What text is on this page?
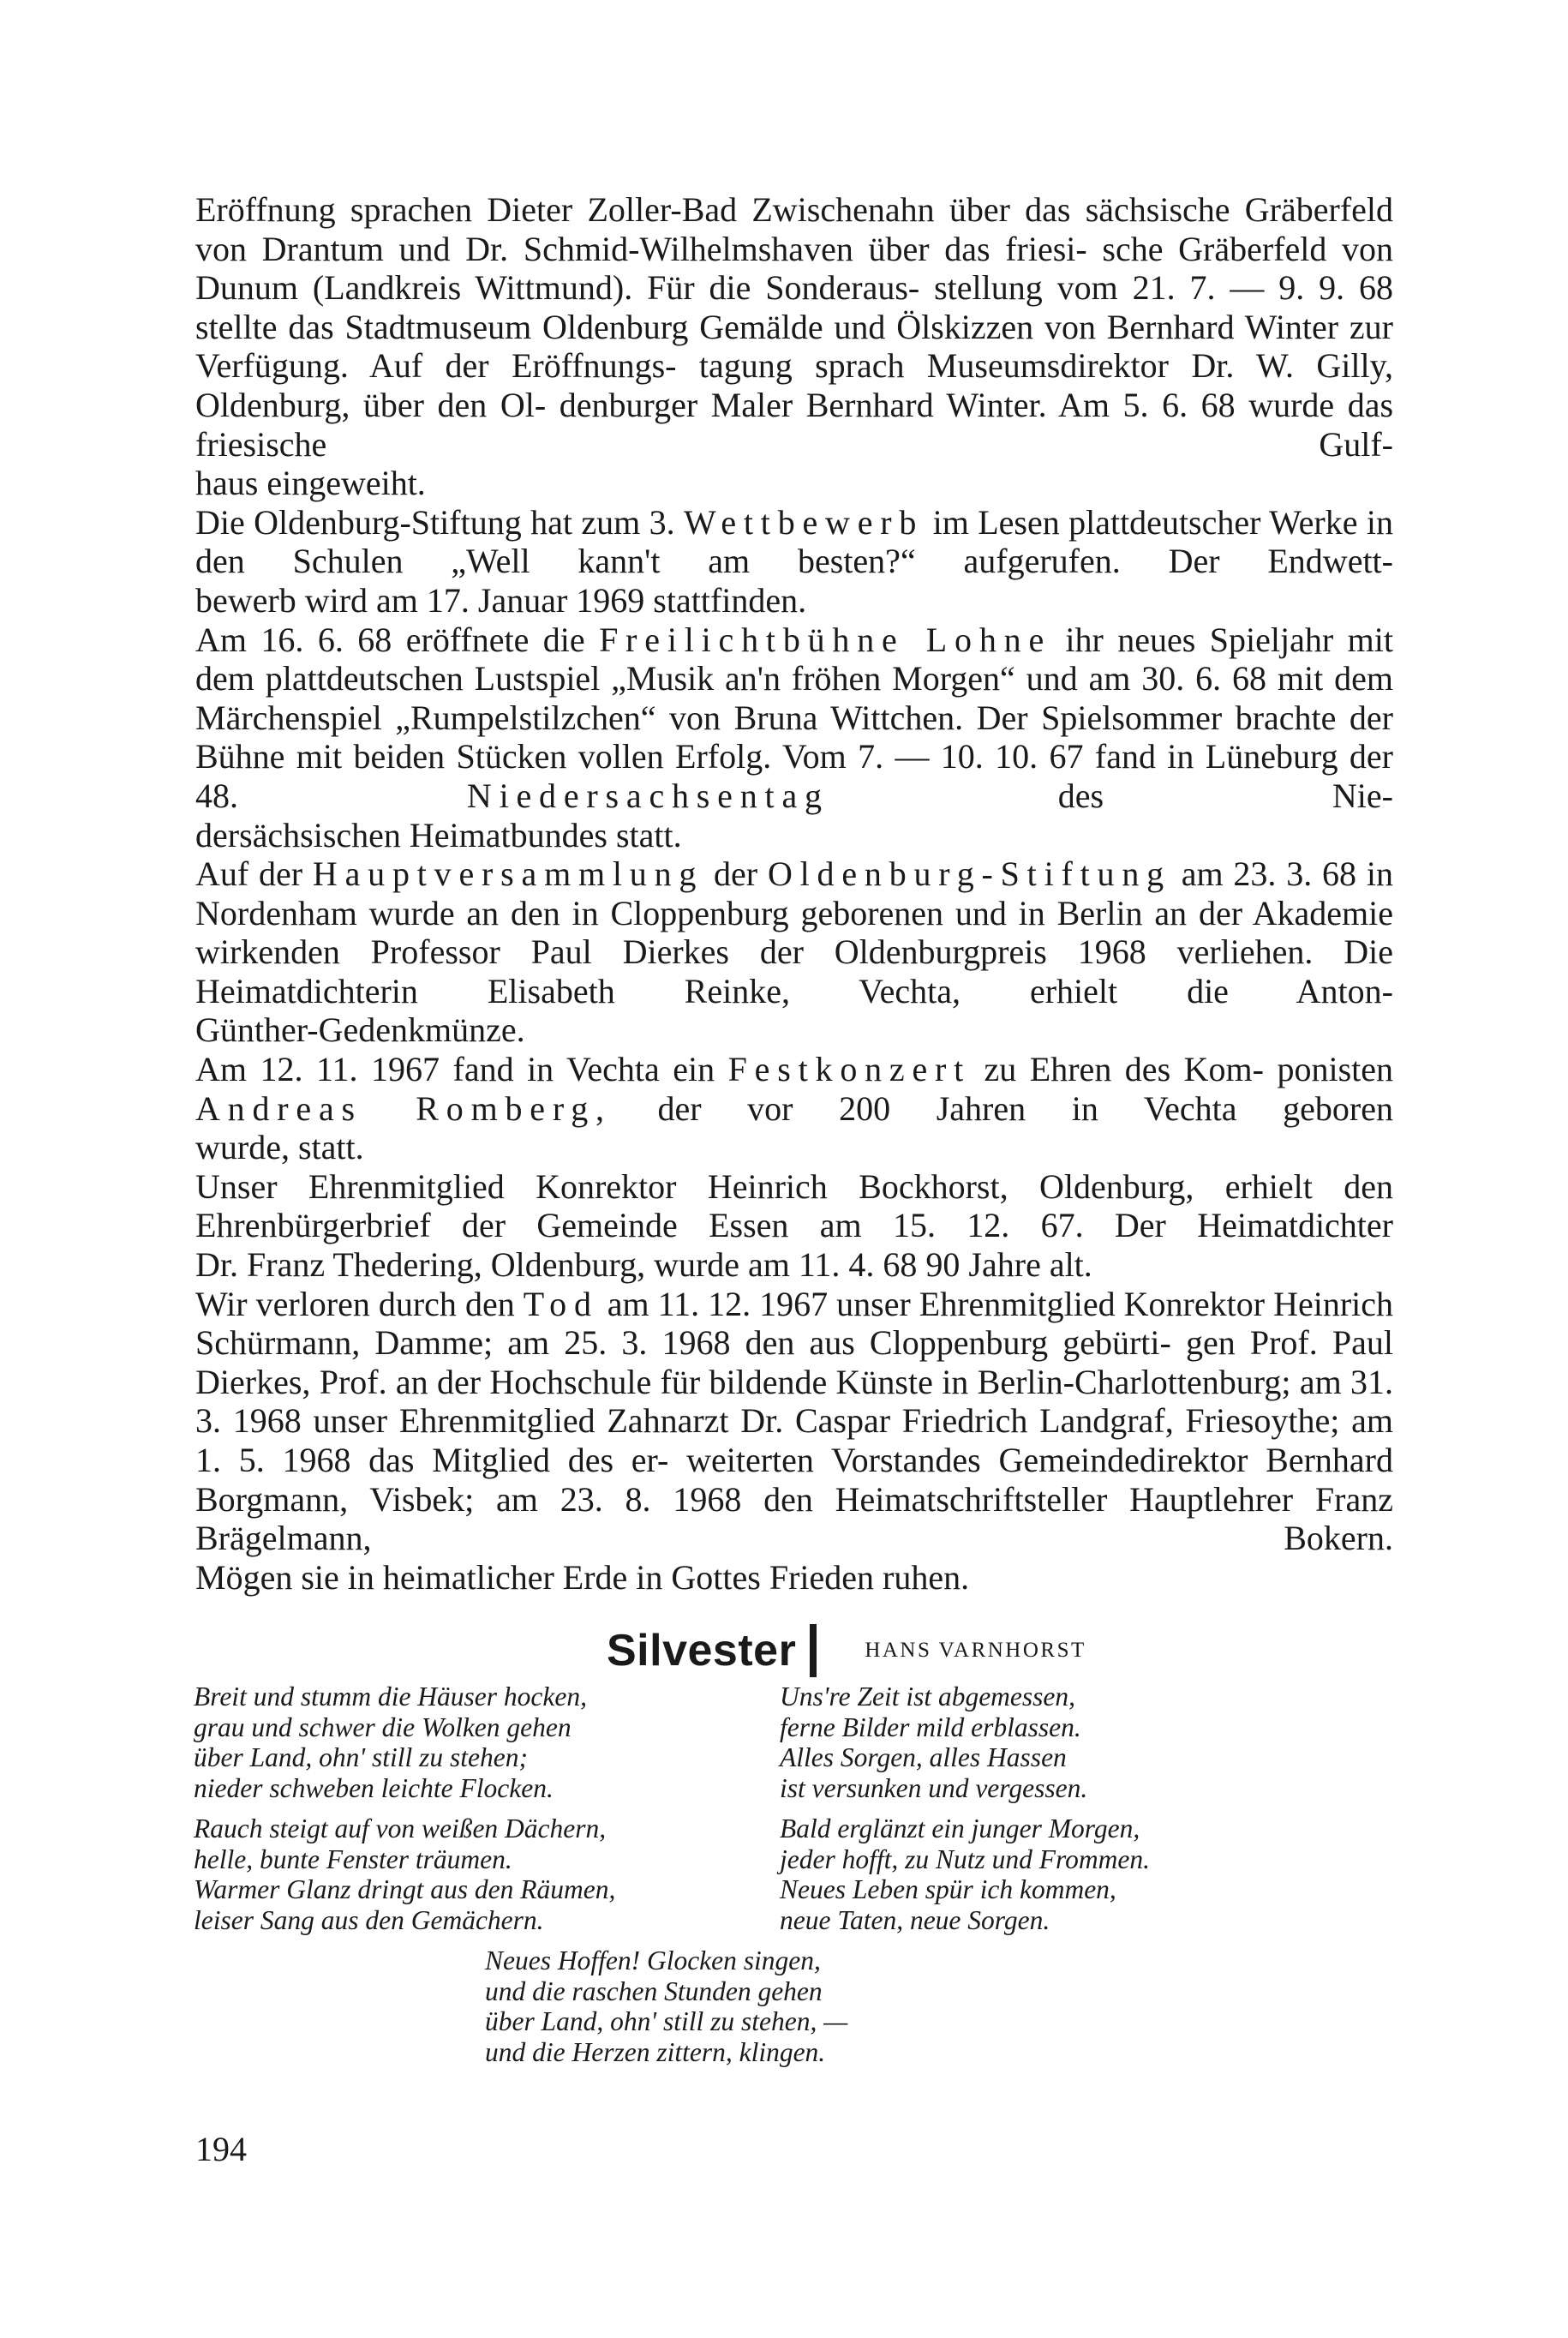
Eröffnung sprachen Dieter Zoller-Bad Zwischenahn über das sächsische Gräberfeld von Drantum und Dr. Schmid-Wilhelmshaven über das friesi- sche Gräberfeld von Dunum (Landkreis Wittmund). Für die Sonderaus- stellung vom 21. 7. — 9. 9. 68 stellte das Stadtmuseum Oldenburg Gemälde und Ölskizzen von Bernhard Winter zur Verfügung. Auf der Eröffnungs- tagung sprach Museumsdirektor Dr. W. Gilly, Oldenburg, über den Ol- denburger Maler Bernhard Winter. Am 5. 6. 68 wurde das friesische Gulf-

haus eingeweiht.

Die Oldenburg-Stiftung hat zum 3. Wettbewerb im Lesen plattdeutscher Werke in den Schulen „Well kann't am besten?“ aufgerufen. Der Endwett-

bewerb wird am 17. Januar 1969 stattfinden.

Am 16. 6. 68 eröffnete die Freilichtbühne Lohne ihr neues Spieljahr mit dem plattdeutschen Lustspiel „Musik an'n fröhen Morgen“ und am 30. 6. 68 mit dem Märchenspiel „Rumpelstilzchen“ von Bruna Wittchen. Der Spielsommer brachte der Bühne mit beiden Stücken vollen Erfolg. Vom 7. — 10. 10. 67 fand in Lüneburg der 48. Niedersachsentag des Nie-

dersächsischen Heimatbundes statt.

Auf der Hauptversammlung der Oldenburg-Stiftung am 23. 3. 68 in Nordenham wurde an den in Cloppenburg geborenen und in Berlin an der Akademie wirkenden Professor Paul Dierkes der Oldenburgpreis 1968 verliehen. Die Heimatdichterin Elisabeth Reinke, Vechta, erhielt die Anton-

Günther-Gedenkmünze.

Am 12. 11. 1967 fand in Vechta ein Festkonzert zu Ehren des Kom- ponisten Andreas Romberg, der vor 200 Jahren in Vechta geboren

wurde, statt.

Unser Ehrenmitglied Konrektor Heinrich Bockhorst, Oldenburg, erhielt den Ehrenbürgerbrief der Gemeinde Essen am 15. 12. 67. Der Heimatdichter

Dr. Franz Thedering, Oldenburg, wurde am 11. 4. 68 90 Jahre alt.

Wir verloren durch den Tod am 11. 12. 1967 unser Ehrenmitglied Konrektor Heinrich Schürmann, Damme; am 25. 3. 1968 den aus Cloppenburg gebürti- gen Prof. Paul Dierkes, Prof. an der Hochschule für bildende Künste in Berlin-Charlottenburg; am 31. 3. 1968 unser Ehrenmitglied Zahnarzt Dr. Caspar Friedrich Landgraf, Friesoythe; am 1. 5. 1968 das Mitglied des er- weiterten Vorstandes Gemeindedirektor Bernhard Borgmann, Visbek; am 23. 8. 1968 den Heimatschriftsteller Hauptlehrer Franz Brägelmann, Bokern.

Mögen sie in heimatlicher Erde in Gottes Frieden ruhen.

Silvester	HANS VARNHORST
Breit und stumm die Häuser hocken,
grau und schwer die Wolken gehen
über Land, ohn' still zu stehen;
nieder schweben leichte Flocken.
Uns're Zeit ist abgemessen,
ferne Bilder mild erblassen.
Alles Sorgen, alles Hassen
ist versunken und vergessen.
Rauch steigt auf von weißen Dächern,
helle, bunte Fenster träumen.
Warmer Glanz dringt aus den Räumen,
leiser Sang aus den Gemächern.
Bald erglänzt ein junger Morgen,
jeder hofft, zu Nutz und Frommen.
Neues Leben spür ich kommen,
neue Taten, neue Sorgen.
Neues Hoffen! Glocken singen,
und die raschen Stunden gehen
über Land, ohn' still zu stehen, —
und die Herzen zittern, klingen.
194
